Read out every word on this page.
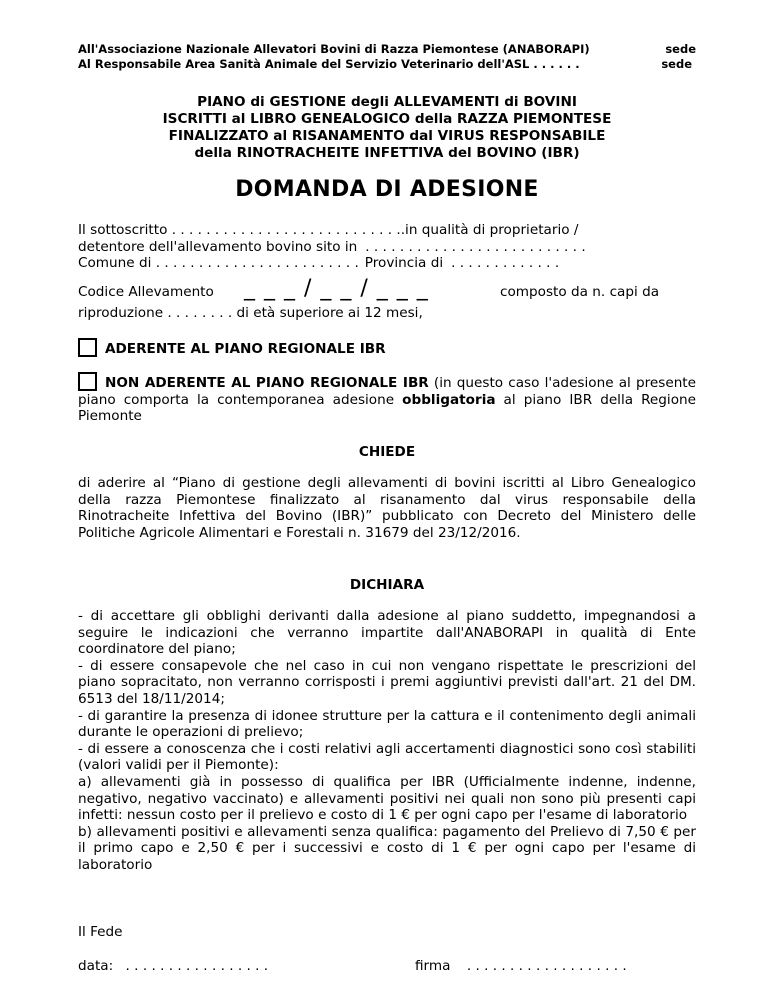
All'Associazione Nazionale Allevatori Bovini di Razza Piemontese (ANABORAPI)	sede
Al Responsabile Area Sanità Animale del Servizio Veterinario dell'ASL . . . . . .	sede
PIANO di GESTIONE degli ALLEVAMENTI di BOVINI
ISCRITTI al LIBRO GENEALOGICO della RAZZA PIEMONTESE
FINALIZZATO al RISANAMENTO dal VIRUS RESPONSABILE
della RINOTRACHEITE INFETTIVA del BOVINO (IBR)
DOMANDA DI ADESIONE
Il sottoscritto . . . . . . . . . . . . . . . . . . . . . . . . . . . .in qualità di proprietario /
detentore dell'allevamento bovino sito in . . . . . . . . . . . . . . . . . . . . . . . . . .
Comune di . . . . . . . . . . . . . . . . . . . . . . . . Provincia di . . . . . . . . . . . . .
Codice Allevamento _ _ _ / _ _ / _ _ _	composto da n. capi da
riproduzione . . . . . . . . di età superiore ai 12 mesi,
ADERENTE AL PIANO REGIONALE IBR

NON ADERENTE AL PIANO REGIONALE IBR (in questo caso l'adesione al presente piano comporta la contemporanea adesione obbligatoria al piano IBR della Regione Piemonte

CHIEDE

di aderire al “Piano di gestione degli allevamenti di bovini iscritti al Libro Genealogico della razza Piemontese finalizzato al risanamento dal virus responsabile della Rinotracheite Infettiva del Bovino (IBR)” pubblicato con Decreto del Ministero delle Politiche Agricole Alimentari e Forestali n. 31679 del 23/12/2016.

DICHIARA

- di accettare gli obblighi derivanti dalla adesione al piano suddetto, impegnandosi a seguire le indicazioni che verranno impartite dall'ANABORAPI in qualità di Ente coordinatore del piano;

- di essere consapevole che nel caso in cui non vengano rispettate le prescrizioni del piano sopracitato, non verranno corrisposti i premi aggiuntivi previsti dall'art. 21 del DM. 6513 del 18/11/2014;

- di garantire la presenza di idonee strutture per la cattura e il contenimento degli animali durante le operazioni di prelievo;

- di essere a conoscenza che i costi relativi agli accertamenti diagnostici sono così stabiliti (valori validi per il Piemonte):

a) allevamenti già in possesso di qualifica per IBR (Ufficialmente indenne, indenne, negativo, negativo vaccinato) e allevamenti positivi nei quali non sono più presenti capi infetti: nessun costo per il prelievo e costo di 1 € per ogni capo per l'esame di laboratorio

b) allevamenti positivi e allevamenti senza qualifica: pagamento del Prelievo di 7,50 € per il primo capo e 2,50 € per i successivi e costo di 1 € per ogni capo per l'esame di laboratorio

Il Fede
data: . . . . . . . . . . . . . . . . .	firma . . . . . . . . . . . . . . . . . . .
